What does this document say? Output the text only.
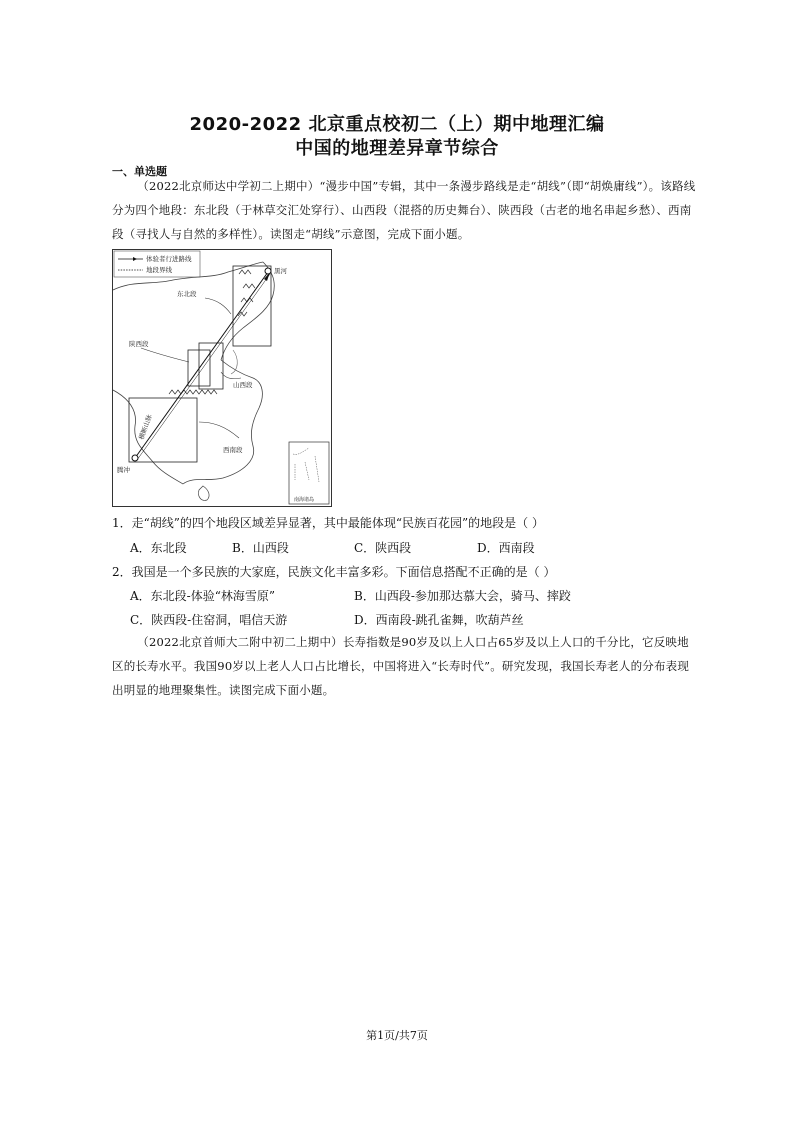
2020-2022 北京重点校初二（上）期中地理汇编
中国的地理差异章节综合
一、单选题
（2022北京师达中学初二上期中）“漫步中国”专辑，其中一条漫步路线是走“胡线”（即“胡焕庸线”）。该路线分为四个地段：东北段（于林草交汇处穿行）、山西段（混搭的历史舞台）、陕西段（古老的地名串起乡愁）、西南段（寻找人与自然的多样性）。读图走“胡线”示意图，完成下面小题。
体验者行进路线
地段界线	黑河
东北段
陕西段
山西段
西南段
腾冲
横断山脉
南海诸岛
1．走“胡线”的四个地段区域差异显著，其中最能体现“民族百花园”的地段是（ ）
A．东北段	B．山西段	C．陕西段	D．西南段
2．我国是一个多民族的大家庭，民族文化丰富多彩。下面信息搭配不正确的是（ ）
A．东北段-体验“林海雪原”	B．山西段-参加那达慕大会，骑马、摔跤
C．陕西段-住窑洞，唱信天游	D．西南段-跳孔雀舞，吹葫芦丝
（2022北京首师大二附中初二上期中）长寿指数是90岁及以上人口占65岁及以上人口的千分比，它反映地区的长寿水平。我国90岁以上老人人口占比增长，中国将进入“长寿时代”。研究发现，我国长寿老人的分布表现出明显的地理聚集性。读图完成下面小题。
第1页/共7页
